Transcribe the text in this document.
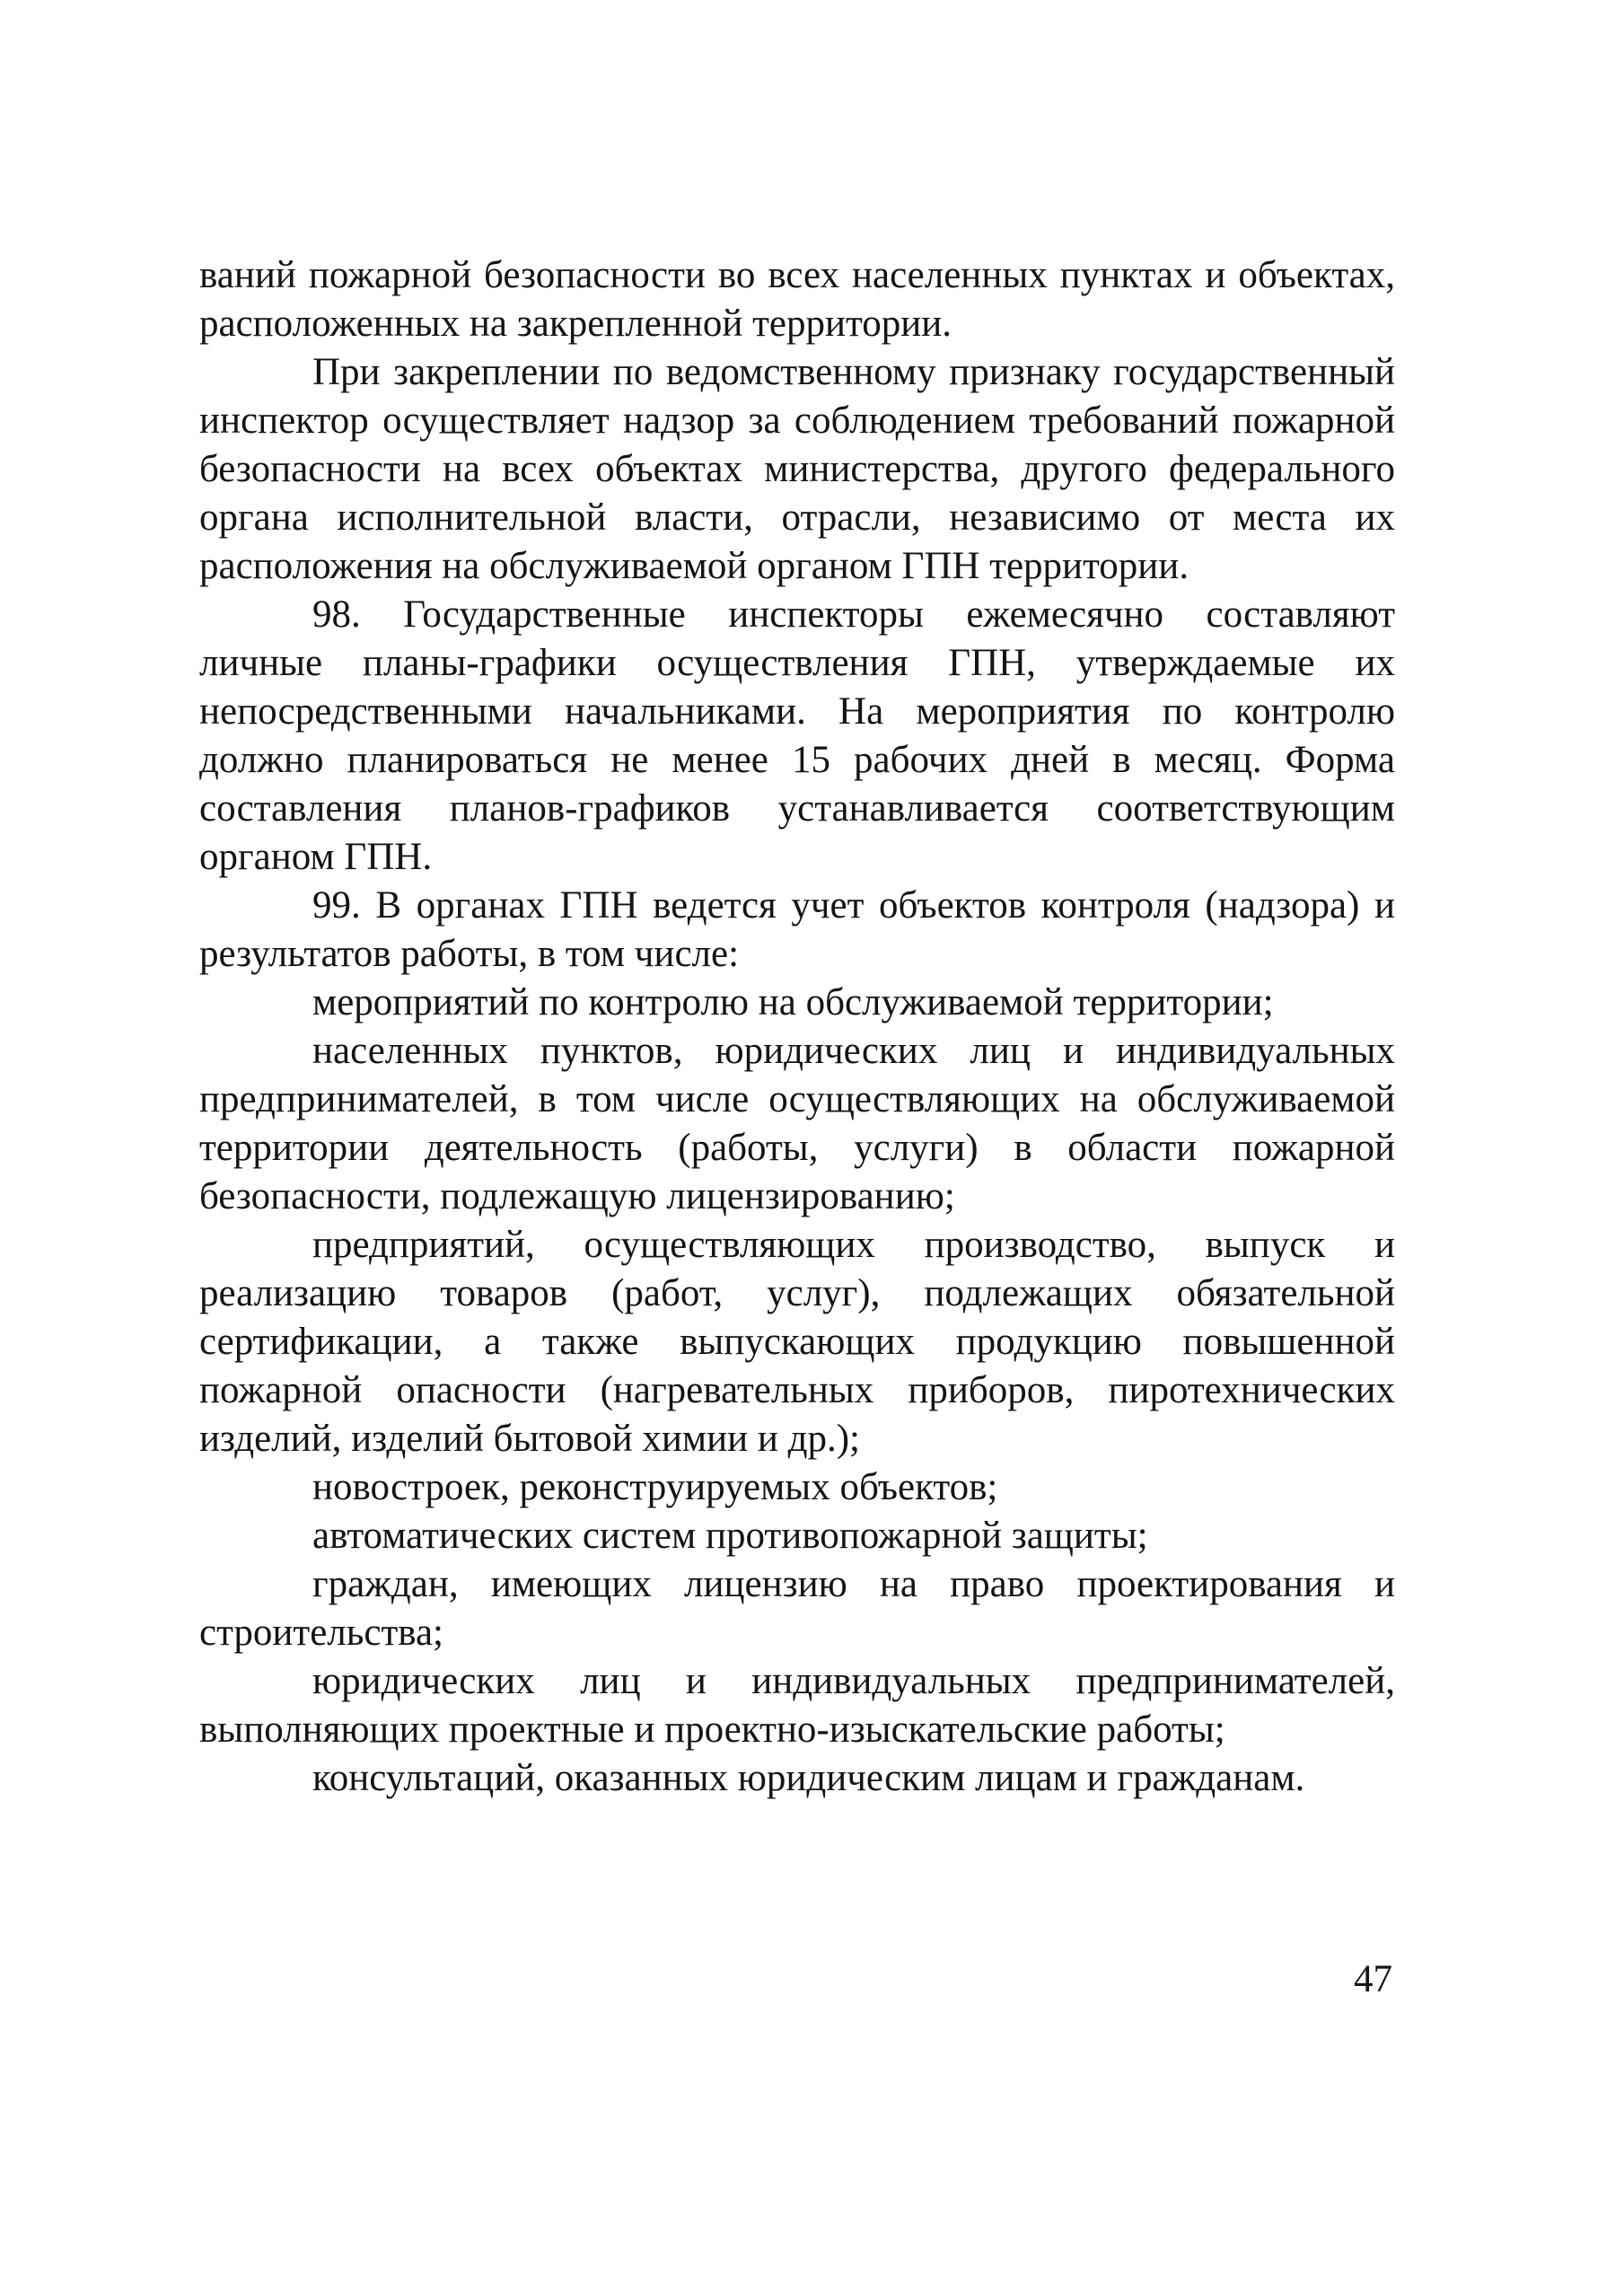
ваний пожарной безопасности во всех населенных пунктах и объектах, расположенных на закрепленной территории.

При закреплении по ведомственному признаку государственный инспектор осуществляет надзор за соблюдением требований пожарной безопасности на всех объектах министерства, другого федерального органа исполнительной власти, отрасли, независимо от места их расположения на обслуживаемой органом ГПН территории.

98. Государственные инспекторы ежемесячно составляют личные планы-графики осуществления ГПН, утверждаемые их непосредственными начальниками. На мероприятия по контролю должно планироваться не менее 15 рабочих дней в месяц. Форма составления планов-графиков устанавливается соответствующим органом ГПН.

99. В органах ГПН ведется учет объектов контроля (надзора) и результатов работы, в том числе:

мероприятий по контролю на обслуживаемой территории;

населенных пунктов, юридических лиц и индивидуальных предпринимателей, в том числе осуществляющих на обслуживаемой территории деятельность (работы, услуги) в области пожарной безопасности, подлежащую лицензированию;

предприятий, осуществляющих производство, выпуск и реализацию товаров (работ, услуг), подлежащих обязательной сертификации, а также выпускающих продукцию повышенной пожарной опасности (нагревательных приборов, пиротехнических изделий, изделий бытовой химии и др.);

новостроек, реконструируемых объектов;

автоматических систем противопожарной защиты;

граждан, имеющих лицензию на право проектирования и строительства;

юридических лиц и индивидуальных предпринимателей, выполняющих проектные и проектно-изыскательские работы;

консультаций, оказанных юридическим лицам и гражданам.

47
